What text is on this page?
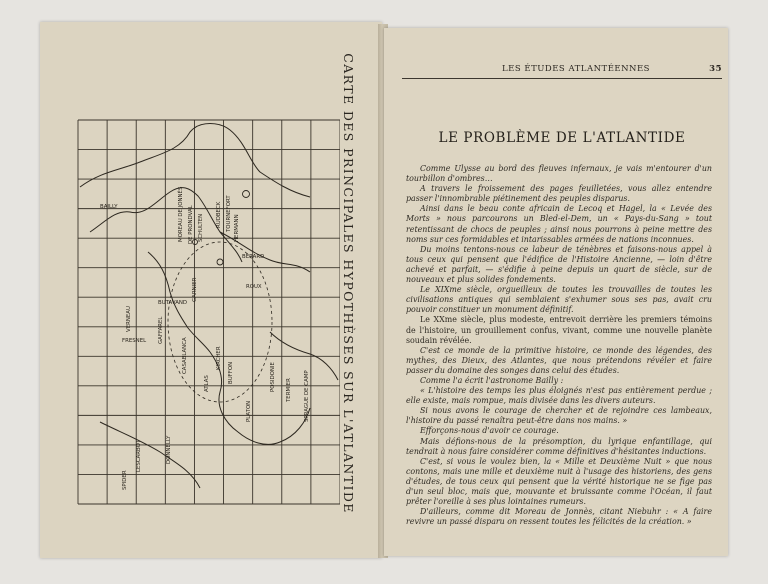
BAILLY	MOREAU DE JONNÈS DE PRONDVAL SCHULTEN RUDBECK TOURNEFORT
GARNIER
HERMANN
BÉRARD
ROUX
VERNEAU
BUTAVAND
FRESNEL GAFFAREL
CASABLANCA
ATLAS
KIRCHER
BUFFON
PLATON
POSIDONIE TERMIER SPRAGUE DE CAMP
LESCARBOT
SPIDER
DONNELLY	CARTE DES PRINCIPALES HYPOTHÈSES SUR L'ATLANTIDE	LES ÉTUDES ATLANTÉENNES	35
LE PROBLÈME DE L'ATLANTIDE

Comme Ulysse au bord des fleuves infernaux, je vais m'entourer d'un tourbillon d'ombres…

A travers le froissement des pages feuilletées, vous allez entendre passer l'innombrable piétinement des peuples disparus.

Ainsi dans le beau conte africain de Lecoq et Hagel, la « Levée des Morts » nous parcourons un Bled-el-Dem, un « Pays-du-Sang » tout retentissant de chocs de peuples ; ainsi nous pourrons à peine mettre des noms sur ces formidables et intarissables armées de nations inconnues.

Du moins tentons-nous ce labeur de ténèbres et faisons-nous appel à tous ceux qui pensent que l'édifice de l'Histoire Ancienne, — loin d'être achevé et parfait, — s'édifie à peine depuis un quart de siècle, sur de nouveaux et plus solides fondements.

Le XIXme siècle, orgueilleux de toutes les trouvailles de toutes les civilisations antiques qui semblaient s'exhumer sous ses pas, avait cru pouvoir constituer un monument définitif.

Le XXme siècle, plus modeste, entrevoit derrière les premiers témoins de l'histoire, un grouillement confus, vivant, comme une nouvelle planète soudain révélée.

C'est ce monde de la primitive histoire, ce monde des légendes, des mythes, des Dieux, des Atlantes, que nous prétendons révéler et faire passer du domaine des songes dans celui des études.

Comme l'a écrit l'astronome Bailly :

« L'histoire des temps les plus éloignés n'est pas entièrement perdue ; elle existe, mais rompue, mais divisée dans les divers auteurs.

Si nous avons le courage de chercher et de rejoindre ces lambeaux, l'histoire du passé renaîtra peut-être dans nos mains. »

Efforçons-nous d'avoir ce courage.

Mais défions-nous de la présomption, du lyrique enfantillage, qui tendrait à nous faire considérer comme définitives d'hésitantes inductions.

C'est, si vous le voulez bien, la « Mille et Deuxième Nuit » que nous contons, mais une mille et deuxième nuit à l'usage des historiens, des gens d'études, de tous ceux qui pensent que la vérité historique ne se fige pas d'un seul bloc, mais que, mouvante et bruissante comme l'Océan, il faut prêter l'oreille à ses plus lointaines rumeurs.

D'ailleurs, comme dit Moreau de Jonnès, citant Niebuhr : « A faire revivre un passé disparu on ressent toutes les félicités de la création. »
